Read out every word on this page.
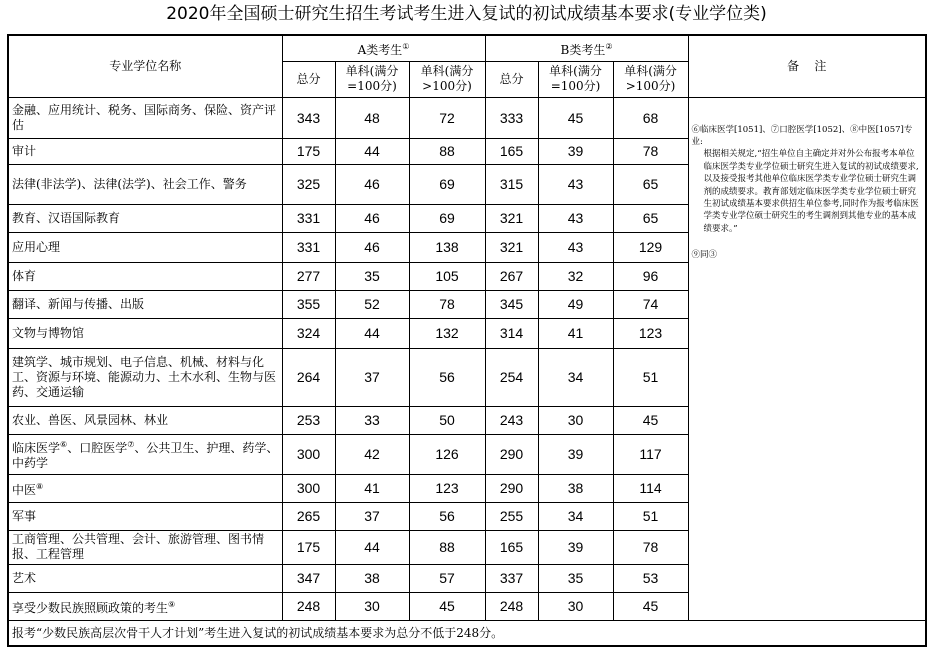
2020年全国硕士研究生招生考试考生进入复试的初试成绩基本要求(专业学位类)
专业学位名称	A类考生①			B类考生②			备    注
	总分	单科(满分=100分)	单科(满分>100分)	总分	单科(满分=100分)	单科(满分>100分)	
金融、应用统计、税务、国际商务、保险、资产评估	343	48	72	333	45	68	⑥临床医学[1051]、⑦口腔医学[1052]、⑧中医[1057]专业:

根据相关规定,“招生单位自主确定并对外公布报考本单位临床医学类专业学位硕士研究生进入复试的初试成绩要求,以及接受报考其他单位临床医学类专业学位硕士研究生调剂的成绩要求。教育部划定临床医学类专业学位硕士研究生初试成绩基本要求供招生单位参考,同时作为报考临床医学类专业学位硕士研究生的考生调剂到其他专业的基本成绩要求。”

⑨同③

审计	175	44	88	165	39	78	
法律(非法学)、法律(法学)、社会工作、警务	325	46	69	315	43	65	
教育、汉语国际教育	331	46	69	321	43	65	
应用心理	331	46	138	321	43	129	
体育	277	35	105	267	32	96	
翻译、新闻与传播、出版	355	52	78	345	49	74	
文物与博物馆	324	44	132	314	41	123	
建筑学、城市规划、电子信息、机械、材料与化工、资源与环境、能源动力、土木水利、生物与医药、交通运输	264	37	56	254	34	51	
农业、兽医、风景园林、林业	253	33	50	243	30	45	
临床医学⑥、口腔医学⑦、公共卫生、护理、药学、中药学	300	42	126	290	39	117	
中医⑧	300	41	123	290	38	114	
军事	265	37	56	255	34	51	
工商管理、公共管理、会计、旅游管理、图书情报、工程管理	175	44	88	165	39	78	
艺术	347	38	57	337	35	53	
享受少数民族照顾政策的考生⑨	248	30	45	248	30	45	
报考“少数民族高层次骨干人才计划”考生进入复试的初试成绩基本要求为总分不低于248分。							
